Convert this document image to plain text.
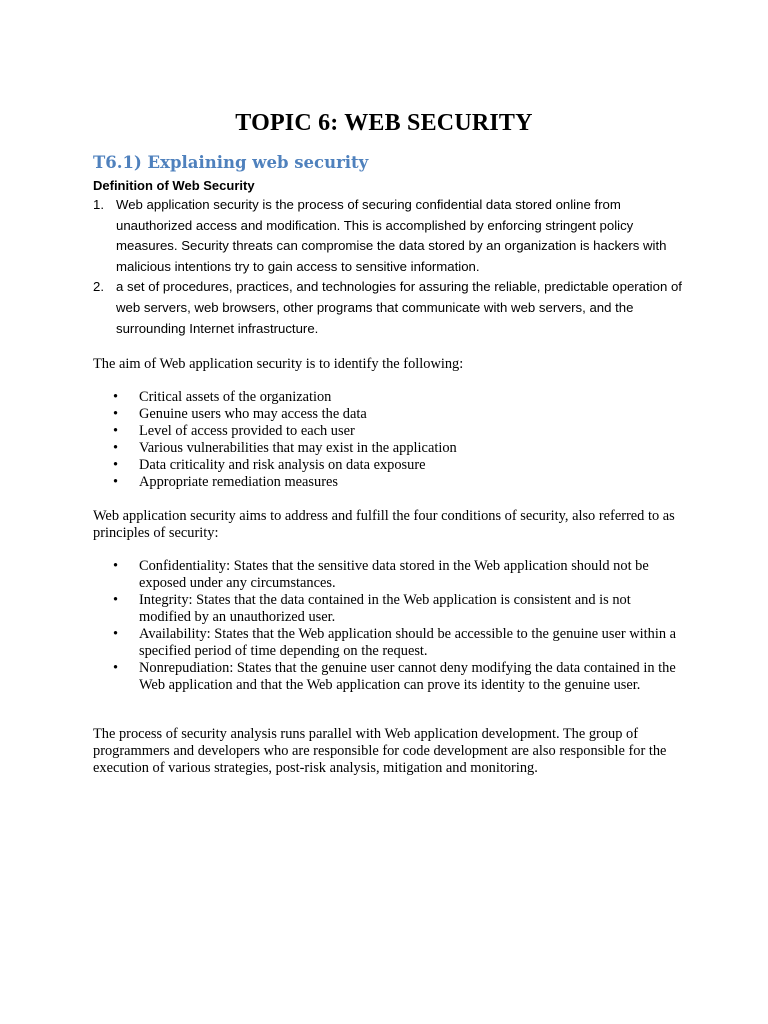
TOPIC 6: WEB SECURITY
T6.1) Explaining web security
Definition of Web Security
1. Web application security is the process of securing confidential data stored online from unauthorized access and modification. This is accomplished by enforcing stringent policy measures. Security threats can compromise the data stored by an organization is hackers with malicious intentions try to gain access to sensitive information.
2. a set of procedures, practices, and technologies for assuring the reliable, predictable operation of web servers, web browsers, other programs that communicate with web servers, and the surrounding Internet infrastructure.

The aim of Web application security is to identify the following:

• Critical assets of the organization
• Genuine users who may access the data
• Level of access provided to each user
• Various vulnerabilities that may exist in the application
• Data criticality and risk analysis on data exposure
• Appropriate remediation measures

Web application security aims to address and fulfill the four conditions of security, also referred to as principles of security:

• Confidentiality: States that the sensitive data stored in the Web application should not be exposed under any circumstances.
• Integrity: States that the data contained in the Web application is consistent and is not modified by an unauthorized user.
• Availability: States that the Web application should be accessible to the genuine user within a specified period of time depending on the request.
• Nonrepudiation: States that the genuine user cannot deny modifying the data contained in the Web application and that the Web application can prove its identity to the genuine user.

The process of security analysis runs parallel with Web application development. The group of programmers and developers who are responsible for code development are also responsible for the execution of various strategies, post-risk analysis, mitigation and monitoring.
